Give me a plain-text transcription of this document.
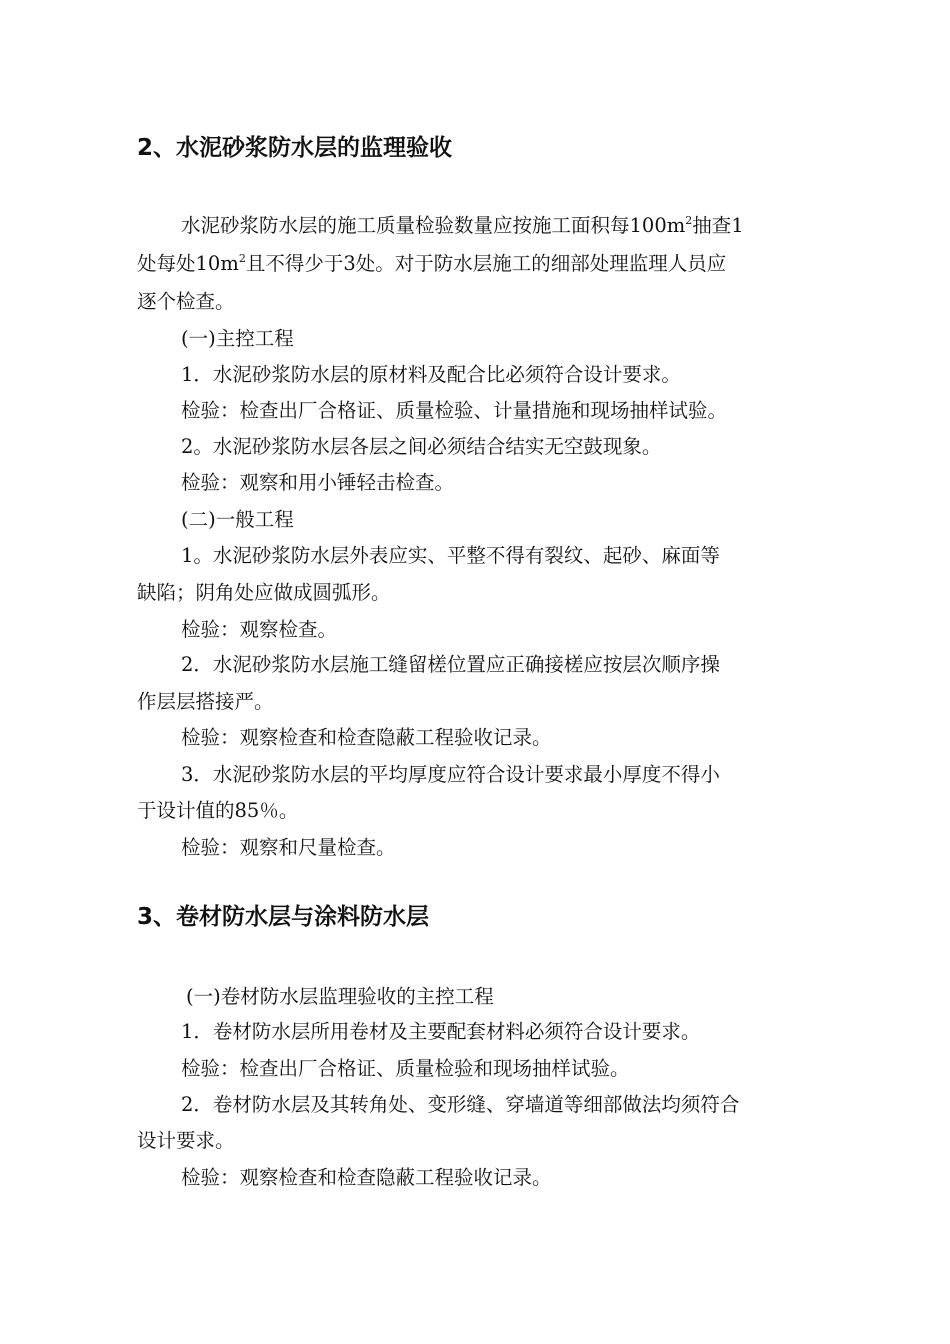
2、水泥砂浆防水层的监理验收

水泥砂浆防水层的施工质量检验数量应按施工面积每$100m^2$抽查1

处每处$10m^2$且不得少于3处。对于防水层施工的细部处理监理人员应

逐个检查。

(一)主控工程

1．水泥砂浆防水层的原材料及配合比必须符合设计要求。

检验：检查出厂合格证、质量检验、计量措施和现场抽样试验。

2。水泥砂浆防水层各层之间必须结合结实无空鼓现象。

检验：观察和用小锤轻击检查。

(二)一般工程

1。水泥砂浆防水层外表应实、平整不得有裂纹、起砂、麻面等

缺陷；阴角处应做成圆弧形。

检验：观察检查。

2．水泥砂浆防水层施工缝留槎位置应正确接槎应按层次顺序操

作层层搭接严。

检验：观察检查和检查隐蔽工程验收记录。

3．水泥砂浆防水层的平均厚度应符合设计要求最小厚度不得小

于设计值的85％。

检验：观察和尺量检查。

3、卷材防水层与涂料防水层

(一)卷材防水层监理验收的主控工程

1．卷材防水层所用卷材及主要配套材料必须符合设计要求。

检验：检查出厂合格证、质量检验和现场抽样试验。

2．卷材防水层及其转角处、变形缝、穿墙道等细部做法均须符合

设计要求。

检验：观察检查和检查隐蔽工程验收记录。
